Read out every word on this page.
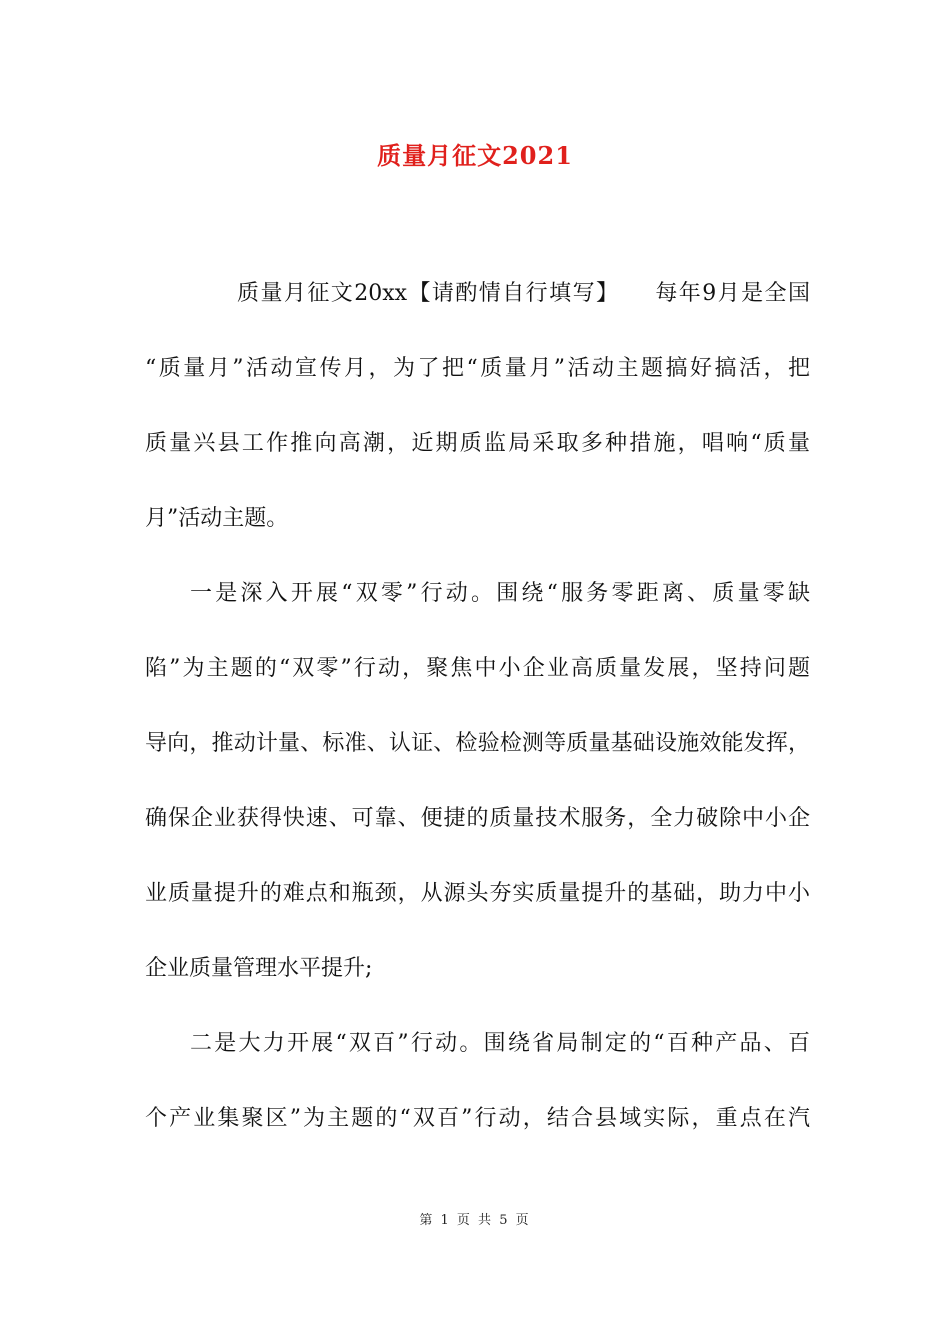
质量月征文2021
质量月征文20xx【请酌情自行填写】　　每年9月是全国
“质量月”活动宣传月，为了把“质量月”活动主题搞好搞活，把
质量兴县工作推向高潮，近期质监局采取多种措施，唱响“质量
月”活动主题。
一是深入开展“双零”行动。围绕“服务零距离、质量零缺
陷”为主题的“双零”行动，聚焦中小企业高质量发展，坚持问题
导向，推动计量、标准、认证、检验检测等质量基础设施效能发挥，
确保企业获得快速、可靠、便捷的质量技术服务，全力破除中小企
业质量提升的难点和瓶颈，从源头夯实质量提升的基础，助力中小
企业质量管理水平提升;
二是大力开展“双百”行动。围绕省局制定的“百种产品、百
个产业集聚区”为主题的“双百”行动，结合县域实际，重点在汽
第 1 页 共 5 页
